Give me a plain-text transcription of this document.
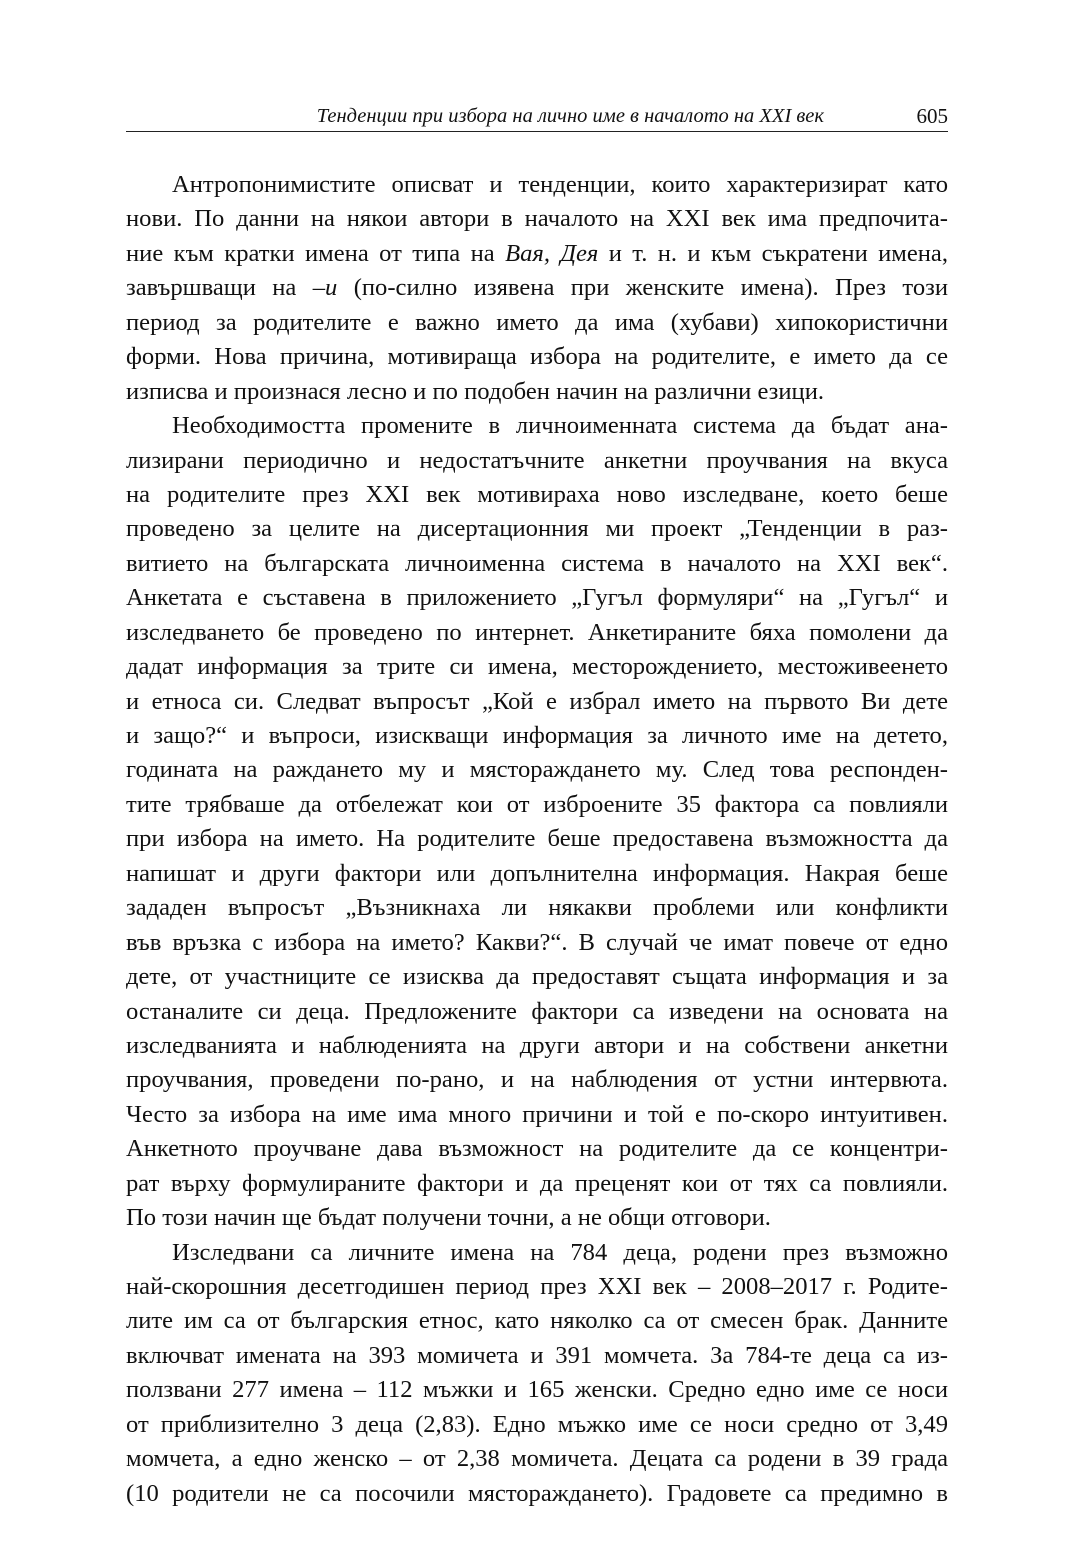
Тенденции при избора на лично име в началото на XXI век	605

Антропонимистите описват и тенденции, които характеризират като
нови. По данни на някои автори в началото на XXI век има предпочита-
ние към кратки имена от типа на Вая, Дея и т. н. и към съкратени имена,
завършващи на –и (по-силно изявена при женските имена). През този
период за родителите е важно името да има (хубави) хипокористични
форми. Нова причина, мотивираща избора на родителите, е името да се
изписва и произнася лесно и по подобен начин на различни езици.

Необходимостта промените в личноименната система да бъдат ана-
лизирани периодично и недостатъчните анкетни проучвания на вкуса
на родителите през XXI век мотивираха ново изследване, което беше
проведено за целите на дисертационния ми проект „Тенденции в раз-
витието на българската личноименна система в началото на XXI век“.
Анкетата е съставена в приложението „Гугъл формуляри“ на „Гугъл“ и
изследването бе проведено по интернет. Анкетираните бяха помолени да
дадат информация за трите си имена, месторождението, местоживеенето
и етноса си. Следват въпросът „Кой е избрал името на първото Ви дете
и защо?“ и въпроси, изискващи информация за личното име на детето,
годината на раждането му и мястораждането му. След това респонден-
тите трябваше да отбележат кои от изброените 35 фактора са повлияли
при избора на името. На родителите беше предоставена възможността да
напишат и други фактори или допълнителна информация. Накрая беше
зададен въпросът „Възникнаха ли някакви проблеми или конфликти
във връзка с избора на името? Какви?“. В случай че имат повече от едно
дете, от участниците се изисква да предоставят същата информация и за
останалите си деца. Предложените фактори са изведени на основата на
изследванията и наблюденията на други автори и на собствени анкетни
проучвания, проведени по-рано, и на наблюдения от устни интервюта.
Често за избора на име има много причини и той е по-скоро интуитивен.
Анкетното проучване дава възможност на родителите да се концентри-
рат върху формулираните фактори и да преценят кои от тях са повлияли.
По този начин ще бъдат получени точни, а не общи отговори.

Изследвани са личните имена на 784 деца, родени през възможно
най-скорошния десетгодишен период през XXI век – 2008–2017 г. Родите-
лите им са от българския етнос, като няколко са от смесен брак. Данните
включват имената на 393 момичета и 391 момчета. За 784-те деца са из-
ползвани 277 имена – 112 мъжки и 165 женски. Средно едно име се носи
от приблизително 3 деца (2,83). Едно мъжко име се носи средно от 3,49
момчета, а едно женско – от 2,38 момичета. Децата са родени в 39 града
(10 родители не са посочили мястораждането). Градовете са предимно в
